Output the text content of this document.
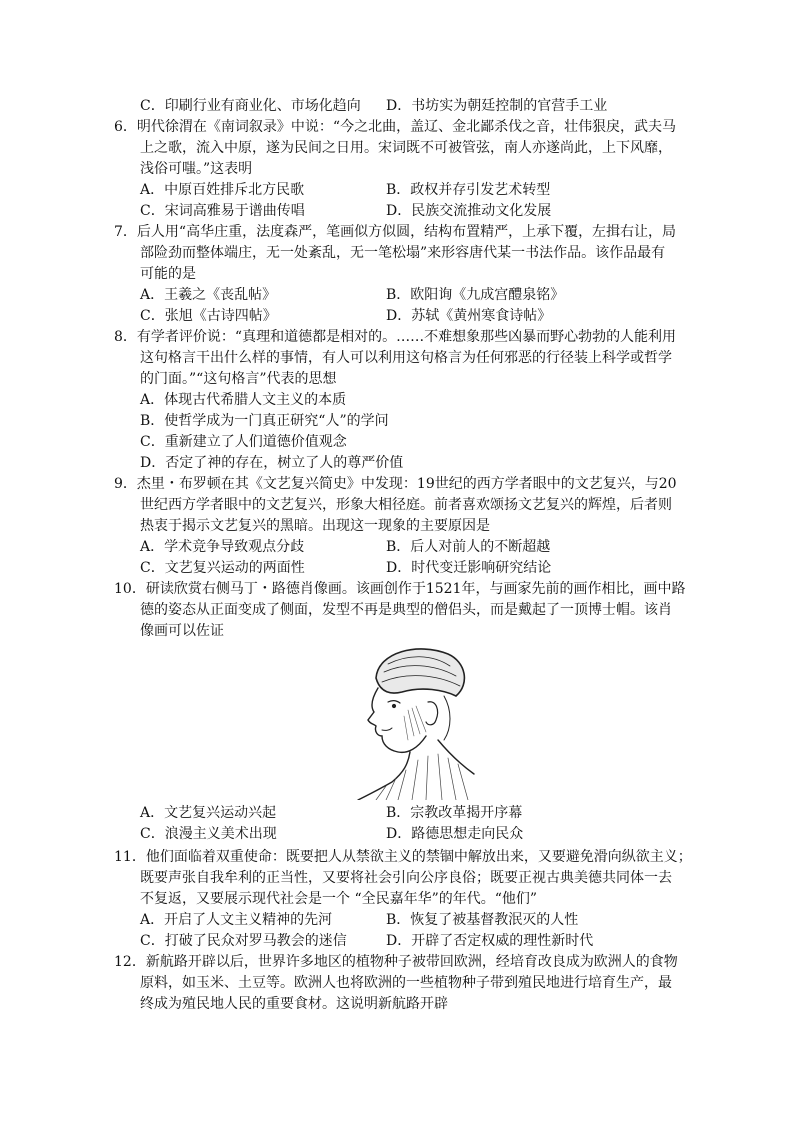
C．印刷行业有商业化、市场化趋向 D．书坊实为朝廷控制的官营手工业
6．明代徐渭在《南词叙录》中说：“今之北曲，盖辽、金北鄙杀伐之音，壮伟狠戾，武夫马
上之歌，流入中原，遂为民间之日用。宋词既不可被管弦，南人亦遂尚此，上下风靡，
浅俗可嗤。”这表明
A．中原百姓排斥北方民歌	B．政权并存引发艺术转型
C．宋词高雅易于谱曲传唱	D．民族交流推动文化发展
7．后人用“高华庄重，法度森严，笔画似方似圆，结构布置精严，上承下覆，左揖右让，局
部险劲而整体端庄，无一处紊乱，无一笔松塌”来形容唐代某一书法作品。该作品最有
可能的是
A．王羲之《丧乱帖》	B．欧阳询《九成宫醴泉铭》
C．张旭《古诗四帖》	D．苏轼《黄州寒食诗帖》
8．有学者评价说：“真理和道德都是相对的。……不难想象那些凶暴而野心勃勃的人能利用
这句格言干出什么样的事情，有人可以利用这句格言为任何邪恶的行径装上科学或哲学
的门面。”“这句格言”代表的思想
A．体现古代希腊人文主义的本质
B．使哲学成为一门真正研究“人”的学问
C．重新建立了人们道德价值观念
D．否定了神的存在，树立了人的尊严价值
9．杰里・布罗顿在其《文艺复兴简史》中发现：19世纪的西方学者眼中的文艺复兴，与20
世纪西方学者眼中的文艺复兴，形象大相径庭。前者喜欢颂扬文艺复兴的辉煌，后者则
热衷于揭示文艺复兴的黑暗。出现这一现象的主要原因是
A．学术竞争导致观点分歧	B．后人对前人的不断超越
C．文艺复兴运动的两面性	D．时代变迁影响研究结论
10．研读欣赏右侧马丁・路德肖像画。该画创作于1521年，与画家先前的画作相比，画中路
德的姿态从正面变成了侧面，发型不再是典型的僧侣头，而是戴起了一顶博士帽。该肖
像画可以佐证
A．文艺复兴运动兴起	B．宗教改革揭开序幕
C．浪漫主义美术出现	D．路德思想走向民众
11．他们面临着双重使命：既要把人从禁欲主义的禁锢中解放出来，又要避免滑向纵欲主义；
既要声张自我牟利的正当性，又要将社会引向公序良俗；既要正视古典美德共同体一去
不复返，又要展示现代社会是一个 “全民嘉年华”的年代。“他们”
A．开启了人文主义精神的先河	B．恢复了被基督教泯灭的人性
C．打破了民众对罗马教会的迷信	D．开辟了否定权威的理性新时代
12．新航路开辟以后，世界许多地区的植物种子被带回欧洲，经培育改良成为欧洲人的食物
原料，如玉米、土豆等。欧洲人也将欧洲的一些植物种子带到殖民地进行培育生产，最
终成为殖民地人民的重要食材。这说明新航路开辟
